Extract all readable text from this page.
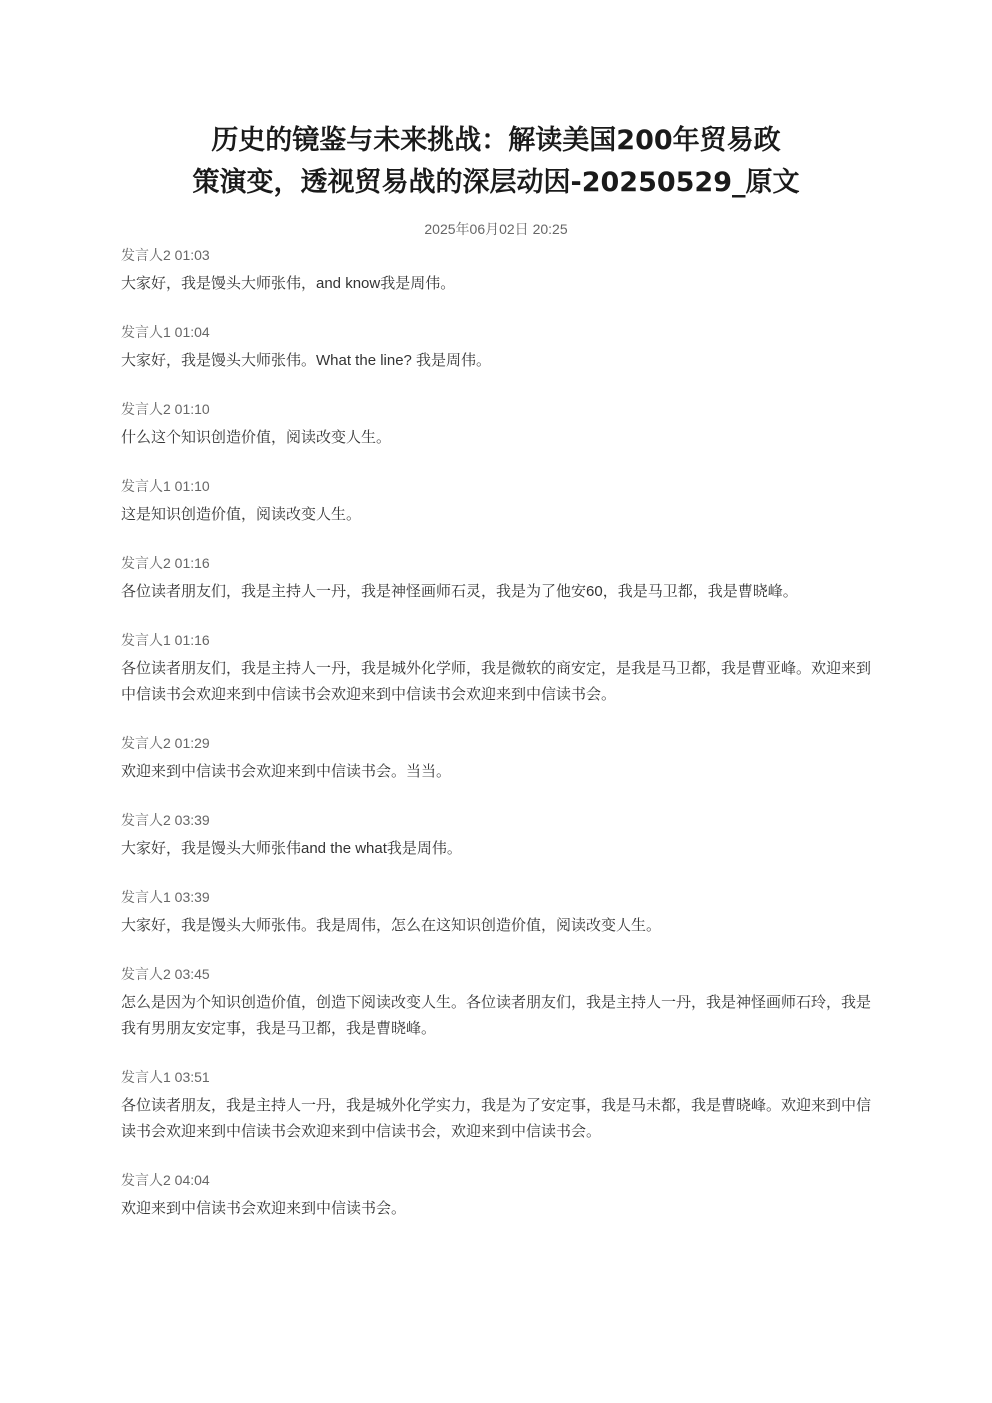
历史的镜鉴与未来挑战：解读美国200年贸易政
策演变，透视贸易战的深层动因-20250529_原文
2025年06月02日 20:25
发言人2 01:03
大家好，我是馒头大师张伟，and know我是周伟。
发言人1 01:04
大家好，我是馒头大师张伟。What the line? 我是周伟。
发言人2 01:10
什么这个知识创造价值，阅读改变人生。
发言人1 01:10
这是知识创造价值，阅读改变人生。
发言人2 01:16
各位读者朋友们，我是主持人一丹，我是神怪画师石灵，我是为了他安60，我是马卫都，我是曹晓峰。
发言人1 01:16
各位读者朋友们，我是主持人一丹，我是城外化学师，我是微软的商安定，是我是马卫都，我是曹亚峰。欢迎来到中信读书会欢迎来到中信读书会欢迎来到中信读书会欢迎来到中信读书会。
发言人2 01:29
欢迎来到中信读书会欢迎来到中信读书会。当当。
发言人2 03:39
大家好，我是馒头大师张伟and the what我是周伟。
发言人1 03:39
大家好，我是馒头大师张伟。我是周伟，怎么在这知识创造价值，阅读改变人生。
发言人2 03:45
怎么是因为个知识创造价值，创造下阅读改变人生。各位读者朋友们，我是主持人一丹，我是神怪画师石玲，我是我有男朋友安定事，我是马卫都，我是曹晓峰。
发言人1 03:51
各位读者朋友，我是主持人一丹，我是城外化学实力，我是为了安定事，我是马未都，我是曹晓峰。欢迎来到中信读书会欢迎来到中信读书会欢迎来到中信读书会，欢迎来到中信读书会。
发言人2 04:04
欢迎来到中信读书会欢迎来到中信读书会。
